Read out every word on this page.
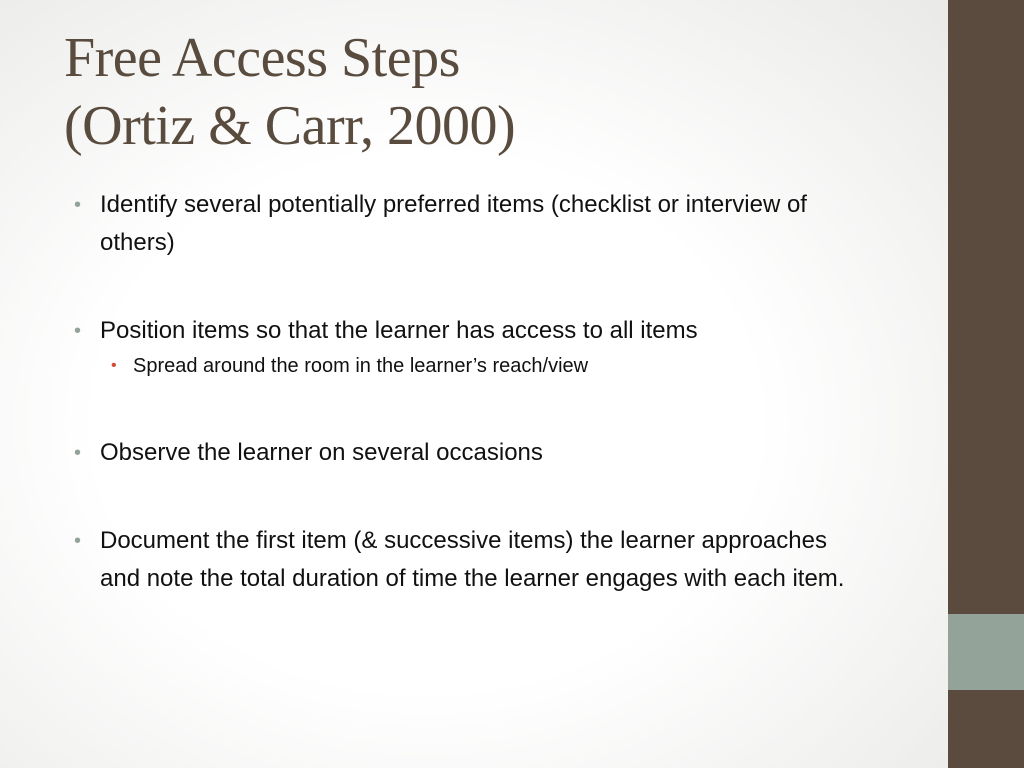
Free Access Steps
(Ortiz & Carr, 2000)
• Identify several potentially preferred items (checklist or interview of others)
• Position items so that the learner has access to all items
• Spread around the room in the learner’s reach/view
• Observe the learner on several occasions
• Document the first item (& successive items) the learner approaches and note the total duration of time the learner engages with each item.
